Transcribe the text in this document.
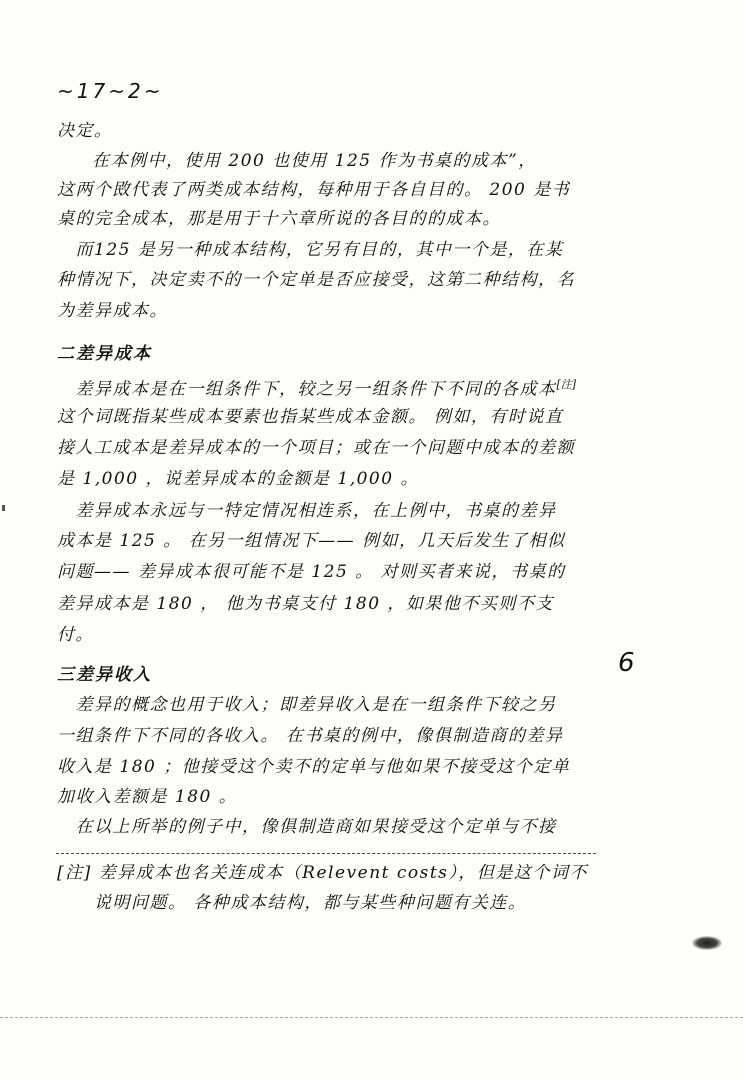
~17~2~
决定。
在本例中，使用 200 也使用 125 作为书桌的成本”，
这两个敃代表了两类成本结构，每种用于各自目的。 200 是书
桌的完全成本，那是用于十六章所说的各目的的成本。
　而125 是另一种成本结构，它另有目的，其中一个是，在某
种情况下，决定卖不的一个定单是否应接受，这第二种结构，名
为差异成本。
二差异成本
　差异成本是在一组条件下，较之另一组条件下不同的各成本[注]
这个词既指某些成本要素也指某些成本金额。 例如，有时说直
接人工成本是差异成本的一个项目；或在一个问题中成本的差额
是 1,000 ，说差异成本的金额是 1,000 。
　差异成本永远与一特定情况相连系，在上例中，书桌的差异
成本是 125 。 在另一组情况下—— 例如，几天后发生了相似
问题—— 差异成本很可能不是 125 。 对则买者来说，书桌的
差异成本是 180 ， 他为书桌支付 180 ，如果他不买则不支
付。
三差异收入
　差异的概念也用于收入；即差异收入是在一组条件下较之另
一组条件下不同的各收入。 在书桌的例中，像俱制造商的差异
收入是 180 ；他接受这个卖不的定单与他如果不接受这个定单
加收入差额是 180 。
　在以上所举的例子中，像俱制造商如果接受这个定单与不接
[注] 差异成本也名关连成本（Relevent costs），但是这个词不
　　说明问题。 各种成本结构，都与某些种问题有关连。
6
